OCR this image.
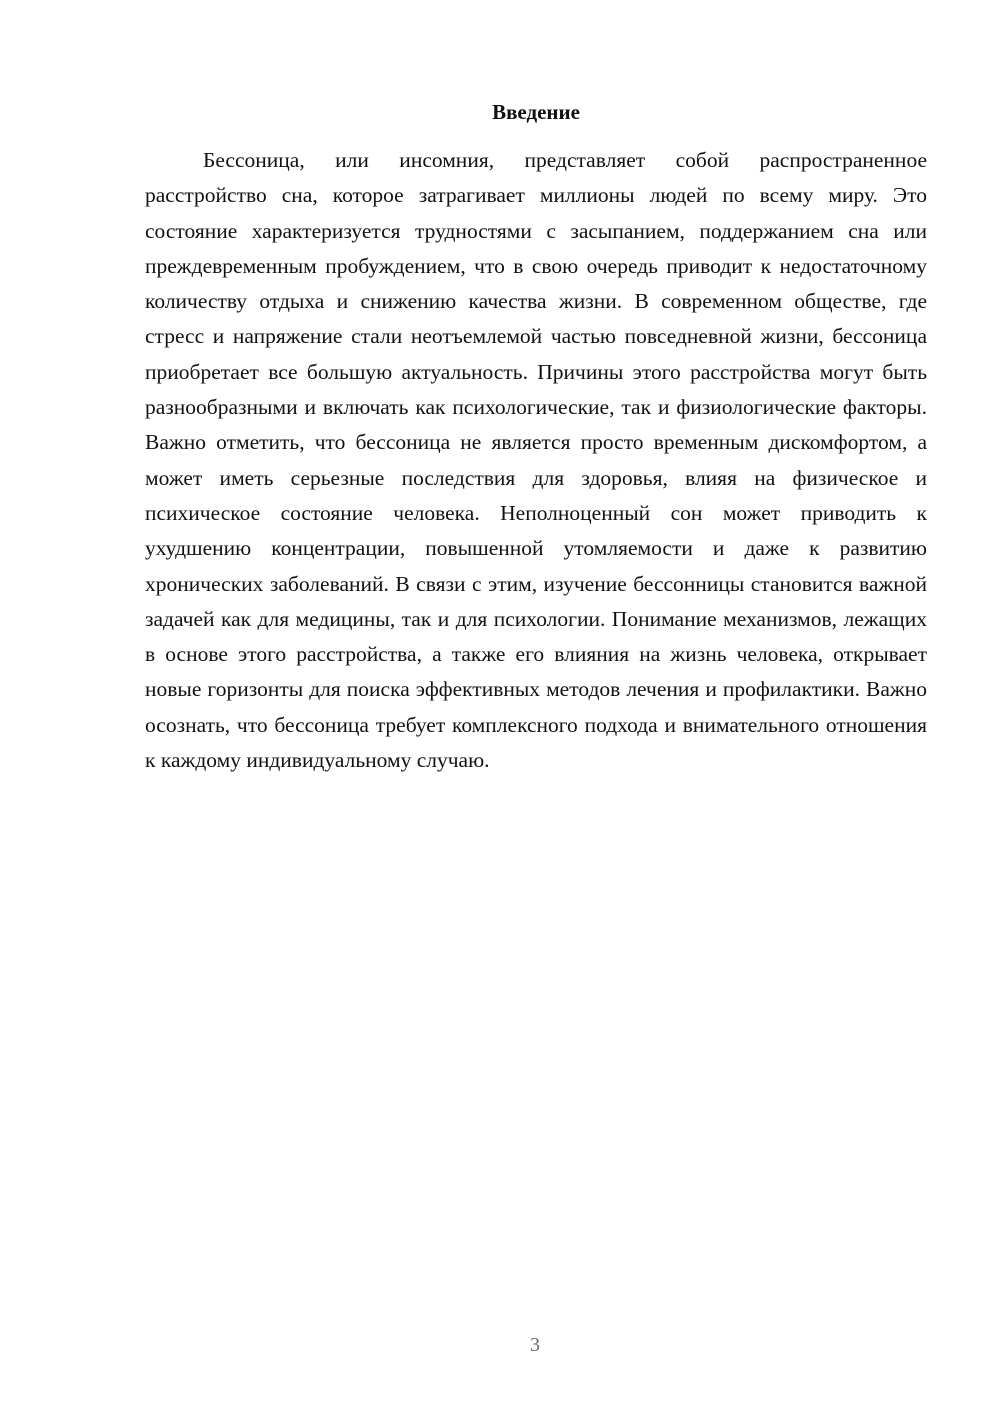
Введение

Бессоница, или инсомния, представляет собой распространенное расстройство сна, которое затрагивает миллионы людей по всему миру. Это состояние характеризуется трудностями с засыпанием, поддержанием сна или преждевременным пробуждением, что в свою очередь приводит к недостаточному количеству отдыха и снижению качества жизни. В современном обществе, где стресс и напряжение стали неотъемлемой частью повседневной жизни, бессоница приобретает все большую актуальность. Причины этого расстройства могут быть разнообразными и включать как психологические, так и физиологические факторы. Важно отметить, что бессоница не является просто временным дискомфортом, а может иметь серьезные последствия для здоровья, влияя на физическое и психическое состояние человека. Неполноценный сон может приводить к ухудшению концентрации, повышенной утомляемости и даже к развитию хронических заболеваний. В связи с этим, изучение бессонницы становится важной задачей как для медицины, так и для психологии. Понимание механизмов, лежащих в основе этого расстройства, а также его влияния на жизнь человека, открывает новые горизонты для поиска эффективных методов лечения и профилактики. Важно осознать, что бессоница требует комплексного подхода и внимательного отношения к каждому индивидуальному случаю.

3
